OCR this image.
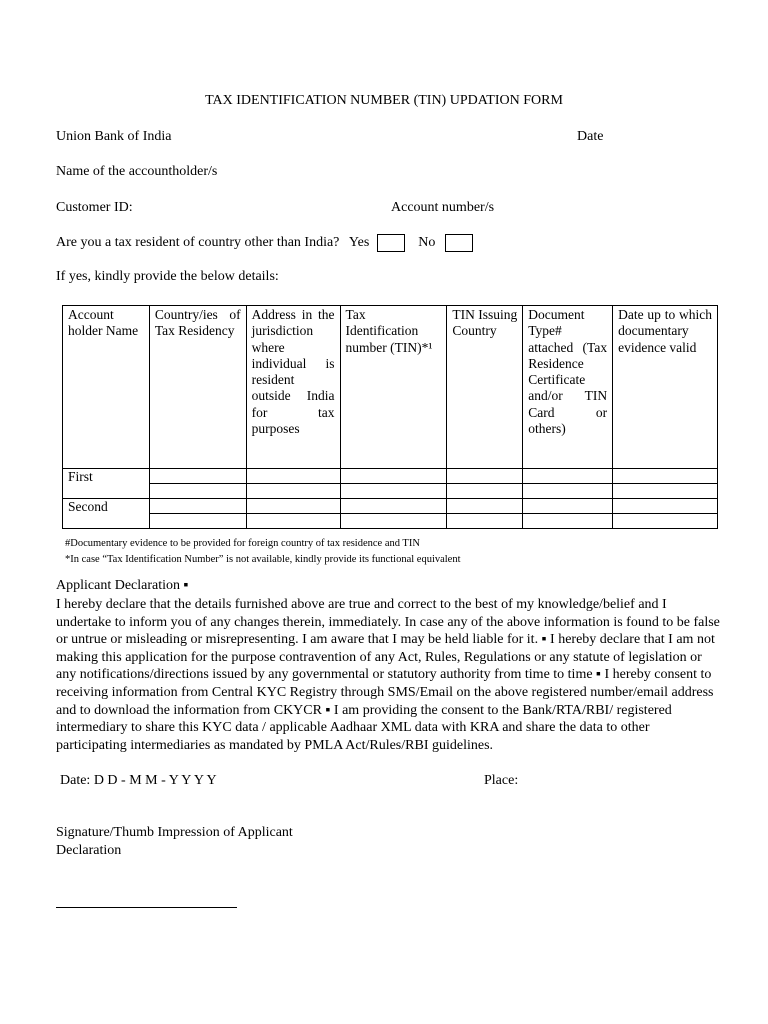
TAX IDENTIFICATION NUMBER (TIN) UPDATION FORM
Union Bank of India	Date
Name of the accountholder/s
Customer ID:	Account number/s
Are you a tax resident of country other than India? Yes	No
If yes, kindly provide the below details:
Account holder Name	Country/ies of Tax Residency	Address in the jurisdiction where individual is resident outside India for tax purposes	Tax Identification number (TIN)*¹	TIN Issuing Country	Document Type# attached (Tax Residence Certificate and/or TIN Card or others)	Date up to which documentary evidence valid
First						

Second						

#Documentary evidence to be provided for foreign country of tax residence and TIN
*In case “Tax Identification Number” is not available, kindly provide its functional equivalent
Applicant Declaration ▪
I hereby declare that the details furnished above are true and correct to the best of my knowledge/belief and I undertake to inform you of any changes therein, immediately. In case any of the above information is found to be false or untrue or misleading or misrepresenting. I am aware that I may be held liable for it. ▪ I hereby declare that I am not making this application for the purpose contravention of any Act, Rules, Regulations or any statute of legislation or any notifications/directions issued by any governmental or statutory authority from time to time ▪ I hereby consent to receiving information from Central KYC Registry through SMS/Email on the above registered number/email address and to download the information from CKYCR ▪ I am providing the consent to the Bank/RTA/RBI/ registered intermediary to share this KYC data / applicable Aadhaar XML data with KRA and share the data to other participating intermediaries as mandated by PMLA Act/Rules/RBI guidelines.
Date: D D - M M - Y Y Y Y	Place:
Signature/Thumb Impression of Applicant
Declaration
